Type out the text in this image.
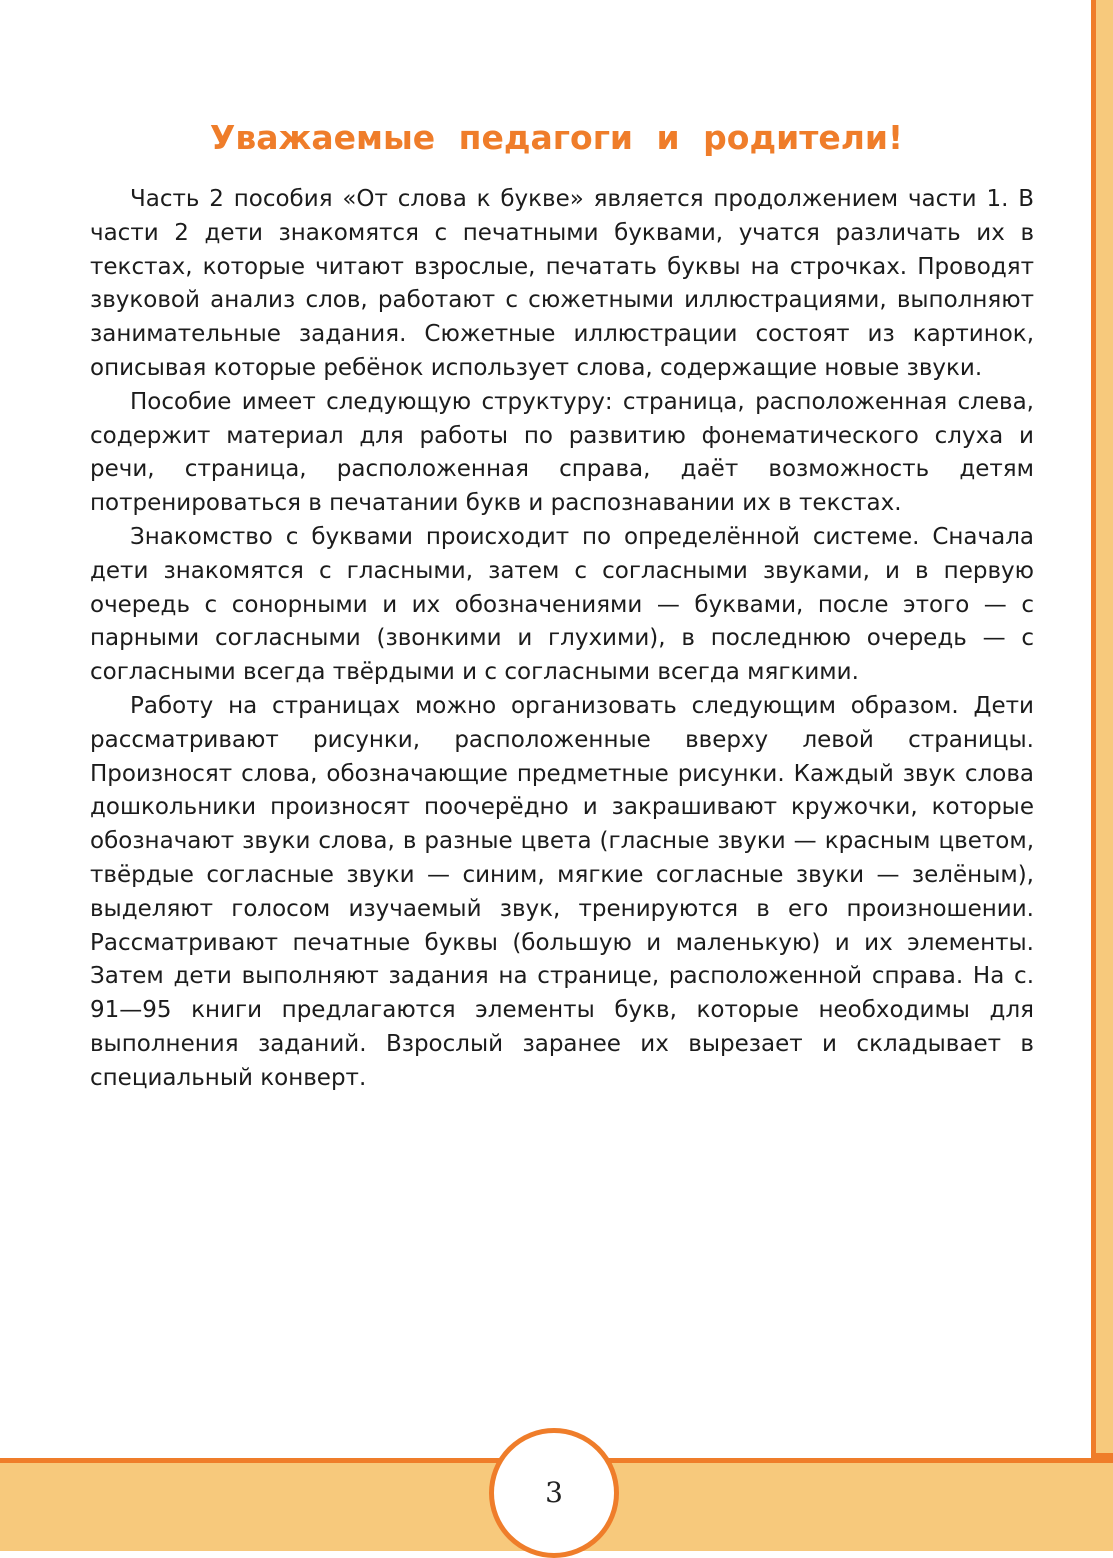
3
Уважаемые педагоги и родители!

Часть 2 пособия «От слова к букве» является продолжением части 1. В части 2 дети знакомятся с печатными буквами, учатся различать их в текстах, которые читают взрослые, печатать буквы на строчках. Проводят звуковой анализ слов, работают с сюжетными иллюстрациями, выполняют занимательные задания. Сюжетные иллюстрации состоят из картинок, описывая которые ребёнок использует слова, содержащие новые звуки.

Пособие имеет следующую структуру: страница, расположенная слева, содержит материал для работы по развитию фонематического слуха и речи, страница, расположенная справа, даёт возможность детям потренироваться в печатании букв и распознавании их в текстах.

Знакомство с буквами происходит по определённой системе. Сначала дети знакомятся с гласными, затем с согласными звуками, и в первую очередь с сонорными и их обозначениями — буквами, после этого — с парными согласными (звонкими и глухими), в последнюю очередь — с согласными всегда твёрдыми и с согласными всегда мягкими.

Работу на страницах можно организовать следующим образом. Дети рассматривают рисунки, расположенные вверху левой страницы. Произносят слова, обозначающие предметные рисунки. Каждый звук слова дошкольники произносят поочерёдно и закрашивают кружочки, которые обозначают звуки слова, в разные цвета (гласные звуки — красным цветом, твёрдые согласные звуки — синим, мягкие согласные звуки — зелёным), выделяют голосом изучаемый звук, тренируются в его произношении. Рассматривают печатные буквы (большую и маленькую) и их элементы. Затем дети выполняют задания на странице, расположенной справа. На с. 91—95 книги предлагаются элементы букв, которые необходимы для выполнения заданий. Взрослый заранее их вырезает и складывает в специальный конверт.
